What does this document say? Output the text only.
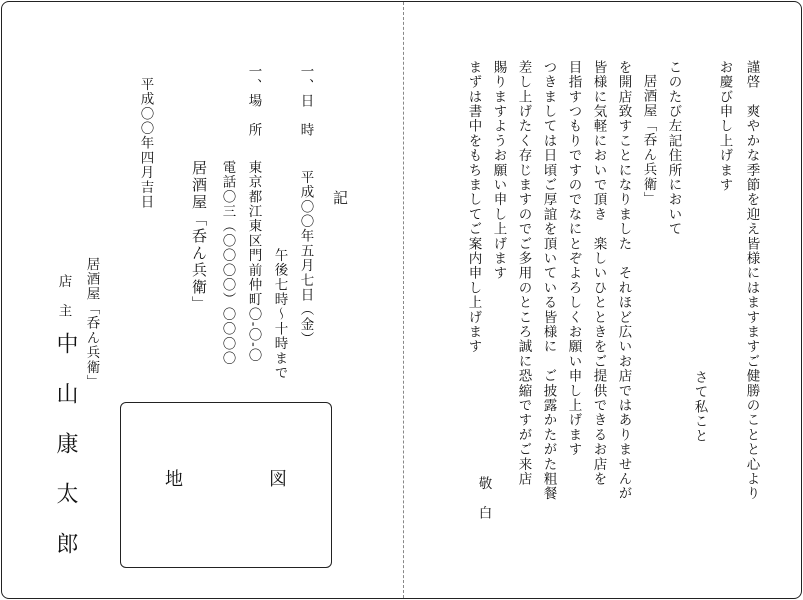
謹啓　爽やかな季節を迎え皆様にはますますご健勝のことと心より
お慶び申し上げます
さて私こと
このたび左記住所において
居酒屋「呑ん兵衛」
を開店致すことになりました　それほど広いお店ではありませんが
皆様に気軽においで頂き　楽しいひとときをご提供できるお店を
目指すつもりですのでなにとぞよろしくお願い申し上げます
つきましては日頃ご厚誼を頂いている皆様に　ご披露かたがた粗餐
差し上げたく存じますのでご多用のところ誠に恐縮ですがご来店
賜りますようお願い申し上げます
まずは書中をもちましてご案内申し上げます
敬　白
記
一、日　時
平成〇〇年五月七日（金）
午後七時〜十時まで
一、場　所
東京都江東区門前仲町〇-〇-〇
電話〇三（〇〇〇〇）〇〇〇〇
居酒屋「呑ん兵衛」
平成〇〇年四月吉日
居酒屋「呑ん兵衛」
店　主
中　山　康　太　郎	地	図
